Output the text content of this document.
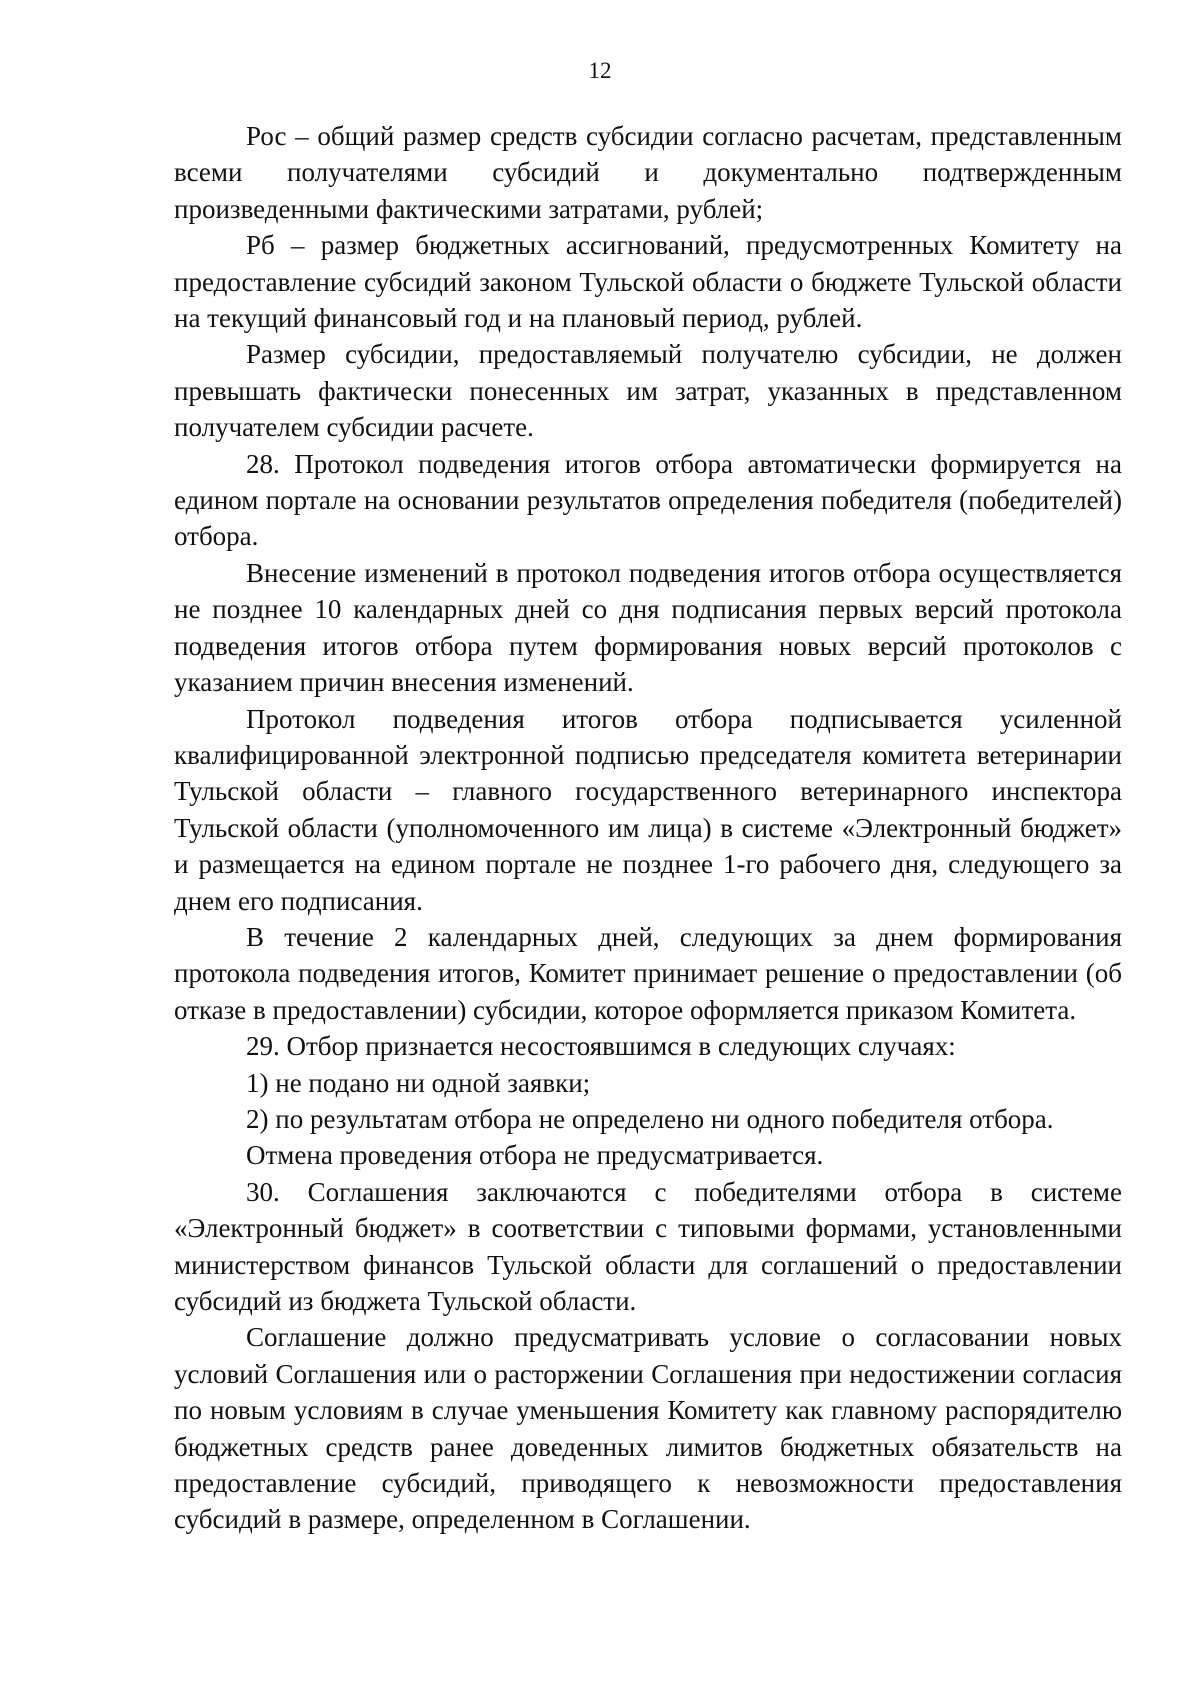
12

Рос – общий размер средств субсидии согласно расчетам, представленным всеми получателями субсидий и документально подтвержденным произведенными фактическими затратами, рублей;

Рб – размер бюджетных ассигнований, предусмотренных Комитету на предоставление субсидий законом Тульской области о бюджете Тульской области на текущий финансовый год и на плановый период, рублей.

Размер субсидии, предоставляемый получателю субсидии, не должен превышать фактически понесенных им затрат, указанных в представленном получателем субсидии расчете.

28. Протокол подведения итогов отбора автоматически формируется на едином портале на основании результатов определения победителя (победителей) отбора.

Внесение изменений в протокол подведения итогов отбора осуществляется не позднее 10 календарных дней со дня подписания первых версий протокола подведения итогов отбора путем формирования новых версий протоколов с указанием причин внесения изменений.

Протокол подведения итогов отбора подписывается усиленной квалифицированной электронной подписью председателя комитета ветеринарии Тульской области – главного государственного ветеринарного инспектора Тульской области (уполномоченного им лица) в системе «Электронный бюджет» и размещается на едином портале не позднее 1-го рабочего дня, следующего за днем его подписания.

В течение 2 календарных дней, следующих за днем формирования протокола подведения итогов, Комитет принимает решение о предоставлении (об отказе в предоставлении) субсидии, которое оформляется приказом Комитета.

29. Отбор признается несостоявшимся в следующих случаях:

1) не подано ни одной заявки;

2) по результатам отбора не определено ни одного победителя отбора.

Отмена проведения отбора не предусматривается.

30. Соглашения заключаются с победителями отбора в системе «Электронный бюджет» в соответствии с типовыми формами, установленными министерством финансов Тульской области для соглашений о предоставлении субсидий из бюджета Тульской области.

Соглашение должно предусматривать условие о согласовании новых условий Соглашения или о расторжении Соглашения при недостижении согласия по новым условиям в случае уменьшения Комитету как главному распорядителю бюджетных средств ранее доведенных лимитов бюджетных обязательств на предоставление субсидий, приводящего к невозможности предоставления субсидий в размере, определенном в Соглашении.
